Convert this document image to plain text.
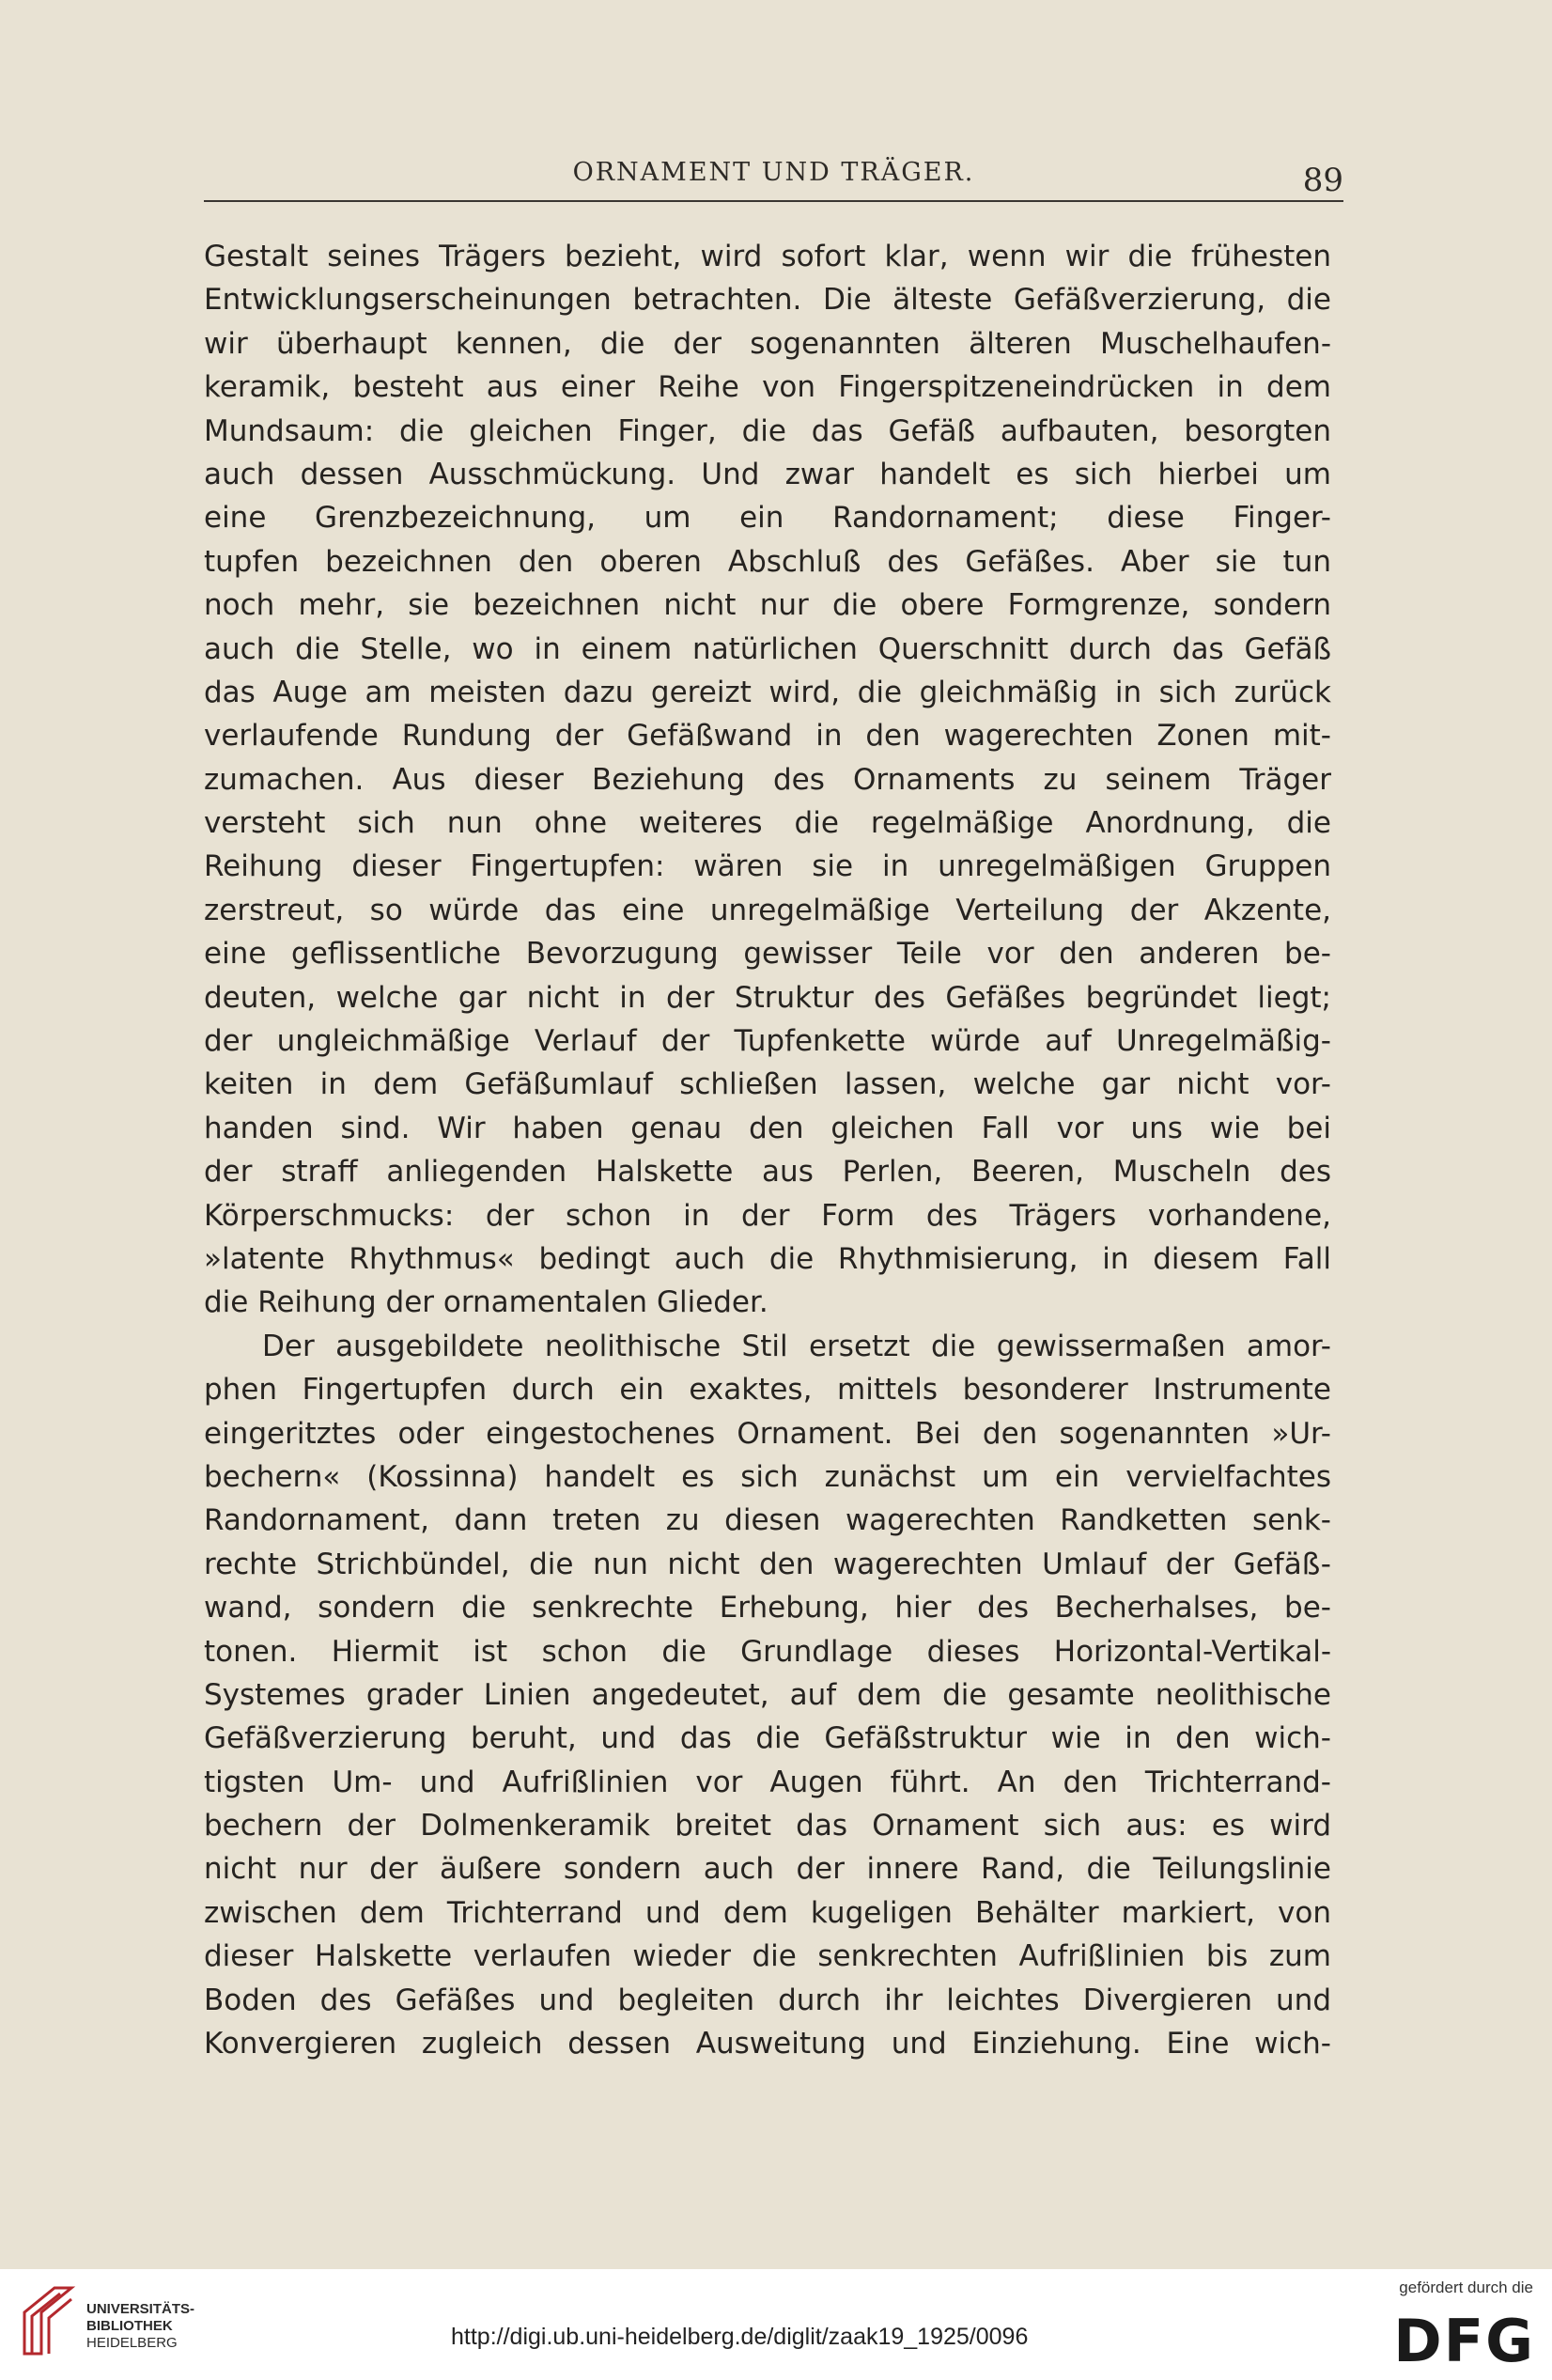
ORNAMENT UND TRÄGER.	89
Gestalt seines Trägers bezieht, wird sofort klar, wenn wir die frühesten
Entwicklungserscheinungen betrachten. Die älteste Gefäßverzierung, die
wir überhaupt kennen, die der sogenannten älteren Muschelhaufen-
keramik, besteht aus einer Reihe von Fingerspitzeneindrücken in dem
Mundsaum: die gleichen Finger, die das Gefäß aufbauten, besorgten
auch dessen Ausschmückung. Und zwar handelt es sich hierbei um
eine Grenzbezeichnung, um ein Randornament; diese Finger-
tupfen bezeichnen den oberen Abschluß des Gefäßes. Aber sie tun
noch mehr, sie bezeichnen nicht nur die obere Formgrenze, sondern
auch die Stelle, wo in einem natürlichen Querschnitt durch das Gefäß
das Auge am meisten dazu gereizt wird, die gleichmäßig in sich zurück
verlaufende Rundung der Gefäßwand in den wagerechten Zonen mit-
zumachen. Aus dieser Beziehung des Ornaments zu seinem Träger
versteht sich nun ohne weiteres die regelmäßige Anordnung, die
Reihung dieser Fingertupfen: wären sie in unregelmäßigen Gruppen
zerstreut, so würde das eine unregelmäßige Verteilung der Akzente,
eine geflissentliche Bevorzugung gewisser Teile vor den anderen be-
deuten, welche gar nicht in der Struktur des Gefäßes begründet liegt;
der ungleichmäßige Verlauf der Tupfenkette würde auf Unregelmäßig-
keiten in dem Gefäßumlauf schließen lassen, welche gar nicht vor-
handen sind. Wir haben genau den gleichen Fall vor uns wie bei
der straff anliegenden Halskette aus Perlen, Beeren, Muscheln des
Körperschmucks: der schon in der Form des Trägers vorhandene,
»latente Rhythmus« bedingt auch die Rhythmisierung, in diesem Fall
die Reihung der ornamentalen Glieder.
Der ausgebildete neolithische Stil ersetzt die gewissermaßen amor-
phen Fingertupfen durch ein exaktes, mittels besonderer Instrumente
eingeritztes oder eingestochenes Ornament. Bei den sogenannten »Ur-
bechern« (Kossinna) handelt es sich zunächst um ein vervielfachtes
Randornament, dann treten zu diesen wagerechten Randketten senk-
rechte Strichbündel, die nun nicht den wagerechten Umlauf der Gefäß-
wand, sondern die senkrechte Erhebung, hier des Becherhalses, be-
tonen. Hiermit ist schon die Grundlage dieses Horizontal-Vertikal-
Systemes grader Linien angedeutet, auf dem die gesamte neolithische
Gefäßverzierung beruht, und das die Gefäßstruktur wie in den wich-
tigsten Um- und Aufrißlinien vor Augen führt. An den Trichterrand-
bechern der Dolmenkeramik breitet das Ornament sich aus: es wird
nicht nur der äußere sondern auch der innere Rand, die Teilungslinie
zwischen dem Trichterrand und dem kugeligen Behälter markiert, von
dieser Halskette verlaufen wieder die senkrechten Aufrißlinien bis zum
Boden des Gefäßes und begleiten durch ihr leichtes Divergieren und
Konvergieren zugleich dessen Ausweitung und Einziehung. Eine wich-
UNIVERSITÄTS-
BIBLIOTHEK
HEIDELBERG	http://digi.ub.uni-heidelberg.de/diglit/zaak19_1925/0096
gefördert durch die
DFG
